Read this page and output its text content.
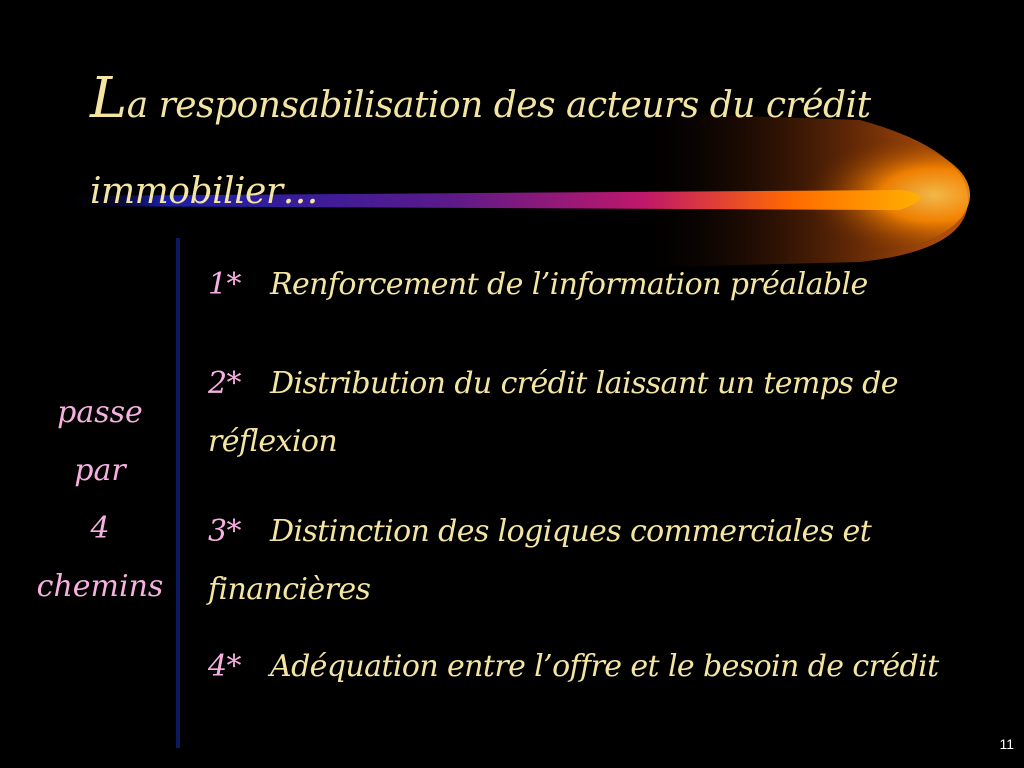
La responsabilisation des acteurs du crédit
immobilier…
passe
par
4
chemins
1* Renforcement de l’information préalable
2* Distribution du crédit laissant un temps de réflexion
3* Distinction des logiques commerciales et financières
4* Adéquation entre l’offre et le besoin de crédit
11
